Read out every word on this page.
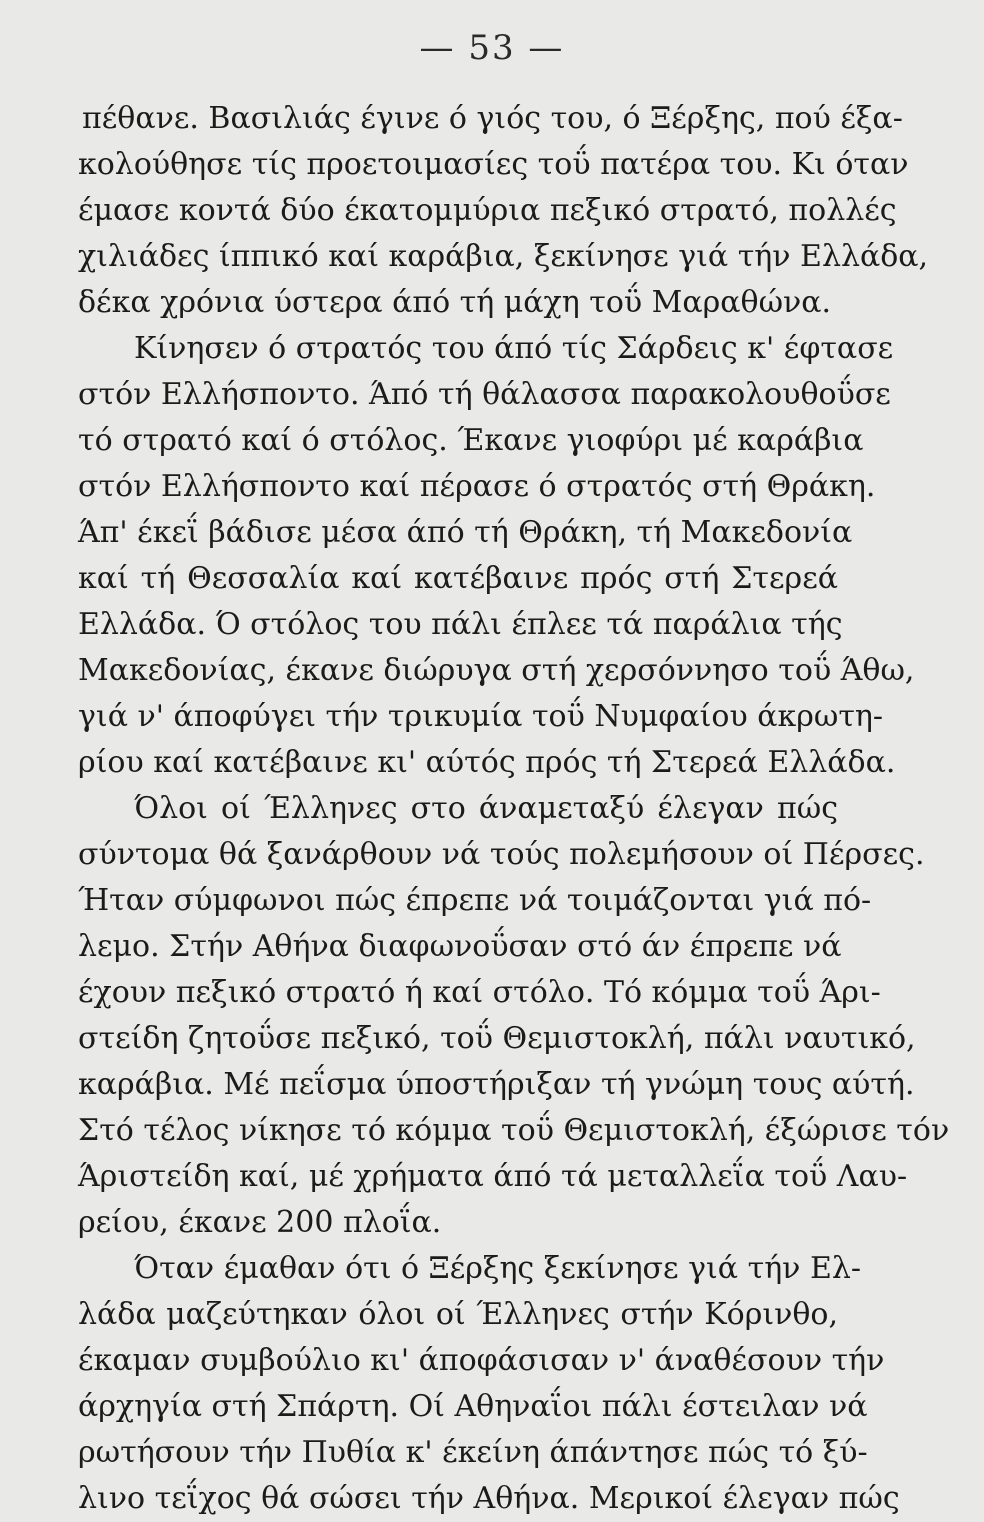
— 53 —
πέθανε. Βασιλιάς έγινε ό γιός του, ό Ξέρξης, πού έξα-
κολούθησε τίς προετοιμασίες τοΰ πατέρα του. Κι όταν
έμασε κοντά δύο έκατομμύρια πεξικό στρατό, πολλές
χιλιάδες ίππικό καί καράβια, ξεκίνησε γιά τήν Ελλάδα,
δέκα χρόνια ύστερα άπό τή μάχη τοΰ Μαραθώνα.
Κίνησεν ό στρατός του άπό τίς Σάρδεις κ' έφτασε
στόν Ελλήσποντο. Άπό τή θάλασσα παρακολουθοΰσε
τό στρατό καί ό στόλος. Έκανε γιοφύρι μέ καράβια
στόν Ελλήσποντο καί πέρασε ό στρατός στή Θράκη.
Άπ' έκεΐ βάδισε μέσα άπό τή Θράκη, τή Μακεδονία
καί τή Θεσσαλία καί κατέβαινε πρός στή Στερεά
Ελλάδα. Ό στόλος του πάλι έπλεε τά παράλια τής
Μακεδονίας, έκανε διώρυγα στή χερσόννησο τοΰ Άθω,
γιά ν' άποφύγει τήν τρικυμία τοΰ Νυμφαίου άκρωτη-
ρίου καί κατέβαινε κι' αύτός πρός τή Στερεά Ελλάδα.
Όλοι οί Έλληνες στο άναμεταξύ έλεγαν πώς
σύντομα θά ξανάρθουν νά τούς πολεμήσουν οί Πέρσες.
Ήταν σύμφωνοι πώς έπρεπε νά τοιμάζονται γιά πό-
λεμο. Στήν Αθήνα διαφωνοΰσαν στό άν έπρεπε νά
έχουν πεξικό στρατό ή καί στόλο. Τό κόμμα τοΰ Άρι-
στείδη ζητοΰσε πεξικό, τοΰ Θεμιστοκλή, πάλι ναυτικό,
καράβια. Μέ πεΐσμα ύποστήριξαν τή γνώμη τους αύτή.
Στό τέλος νίκησε τό κόμμα τοΰ Θεμιστοκλή, έξώρισε τόν
Άριστείδη καί, μέ χρήματα άπό τά μεταλλεΐα τοΰ Λαυ-
ρείου, έκανε 200 πλοΐα.
Όταν έμαθαν ότι ό Ξέρξης ξεκίνησε γιά τήν Ελ-
λάδα μαζεύτηκαν όλοι οί Έλληνες στήν Κόρινθο,
έκαμαν συμβούλιο κι' άποφάσισαν ν' άναθέσουν τήν
άρχηγία στή Σπάρτη. Οί Αθηναΐοι πάλι έστειλαν νά
ρωτήσουν τήν Πυθία κ' έκείνη άπάντησε πώς τό ξύ-
λινο τεΐχος θά σώσει τήν Αθήνα. Μερικοί έλεγαν πώς
